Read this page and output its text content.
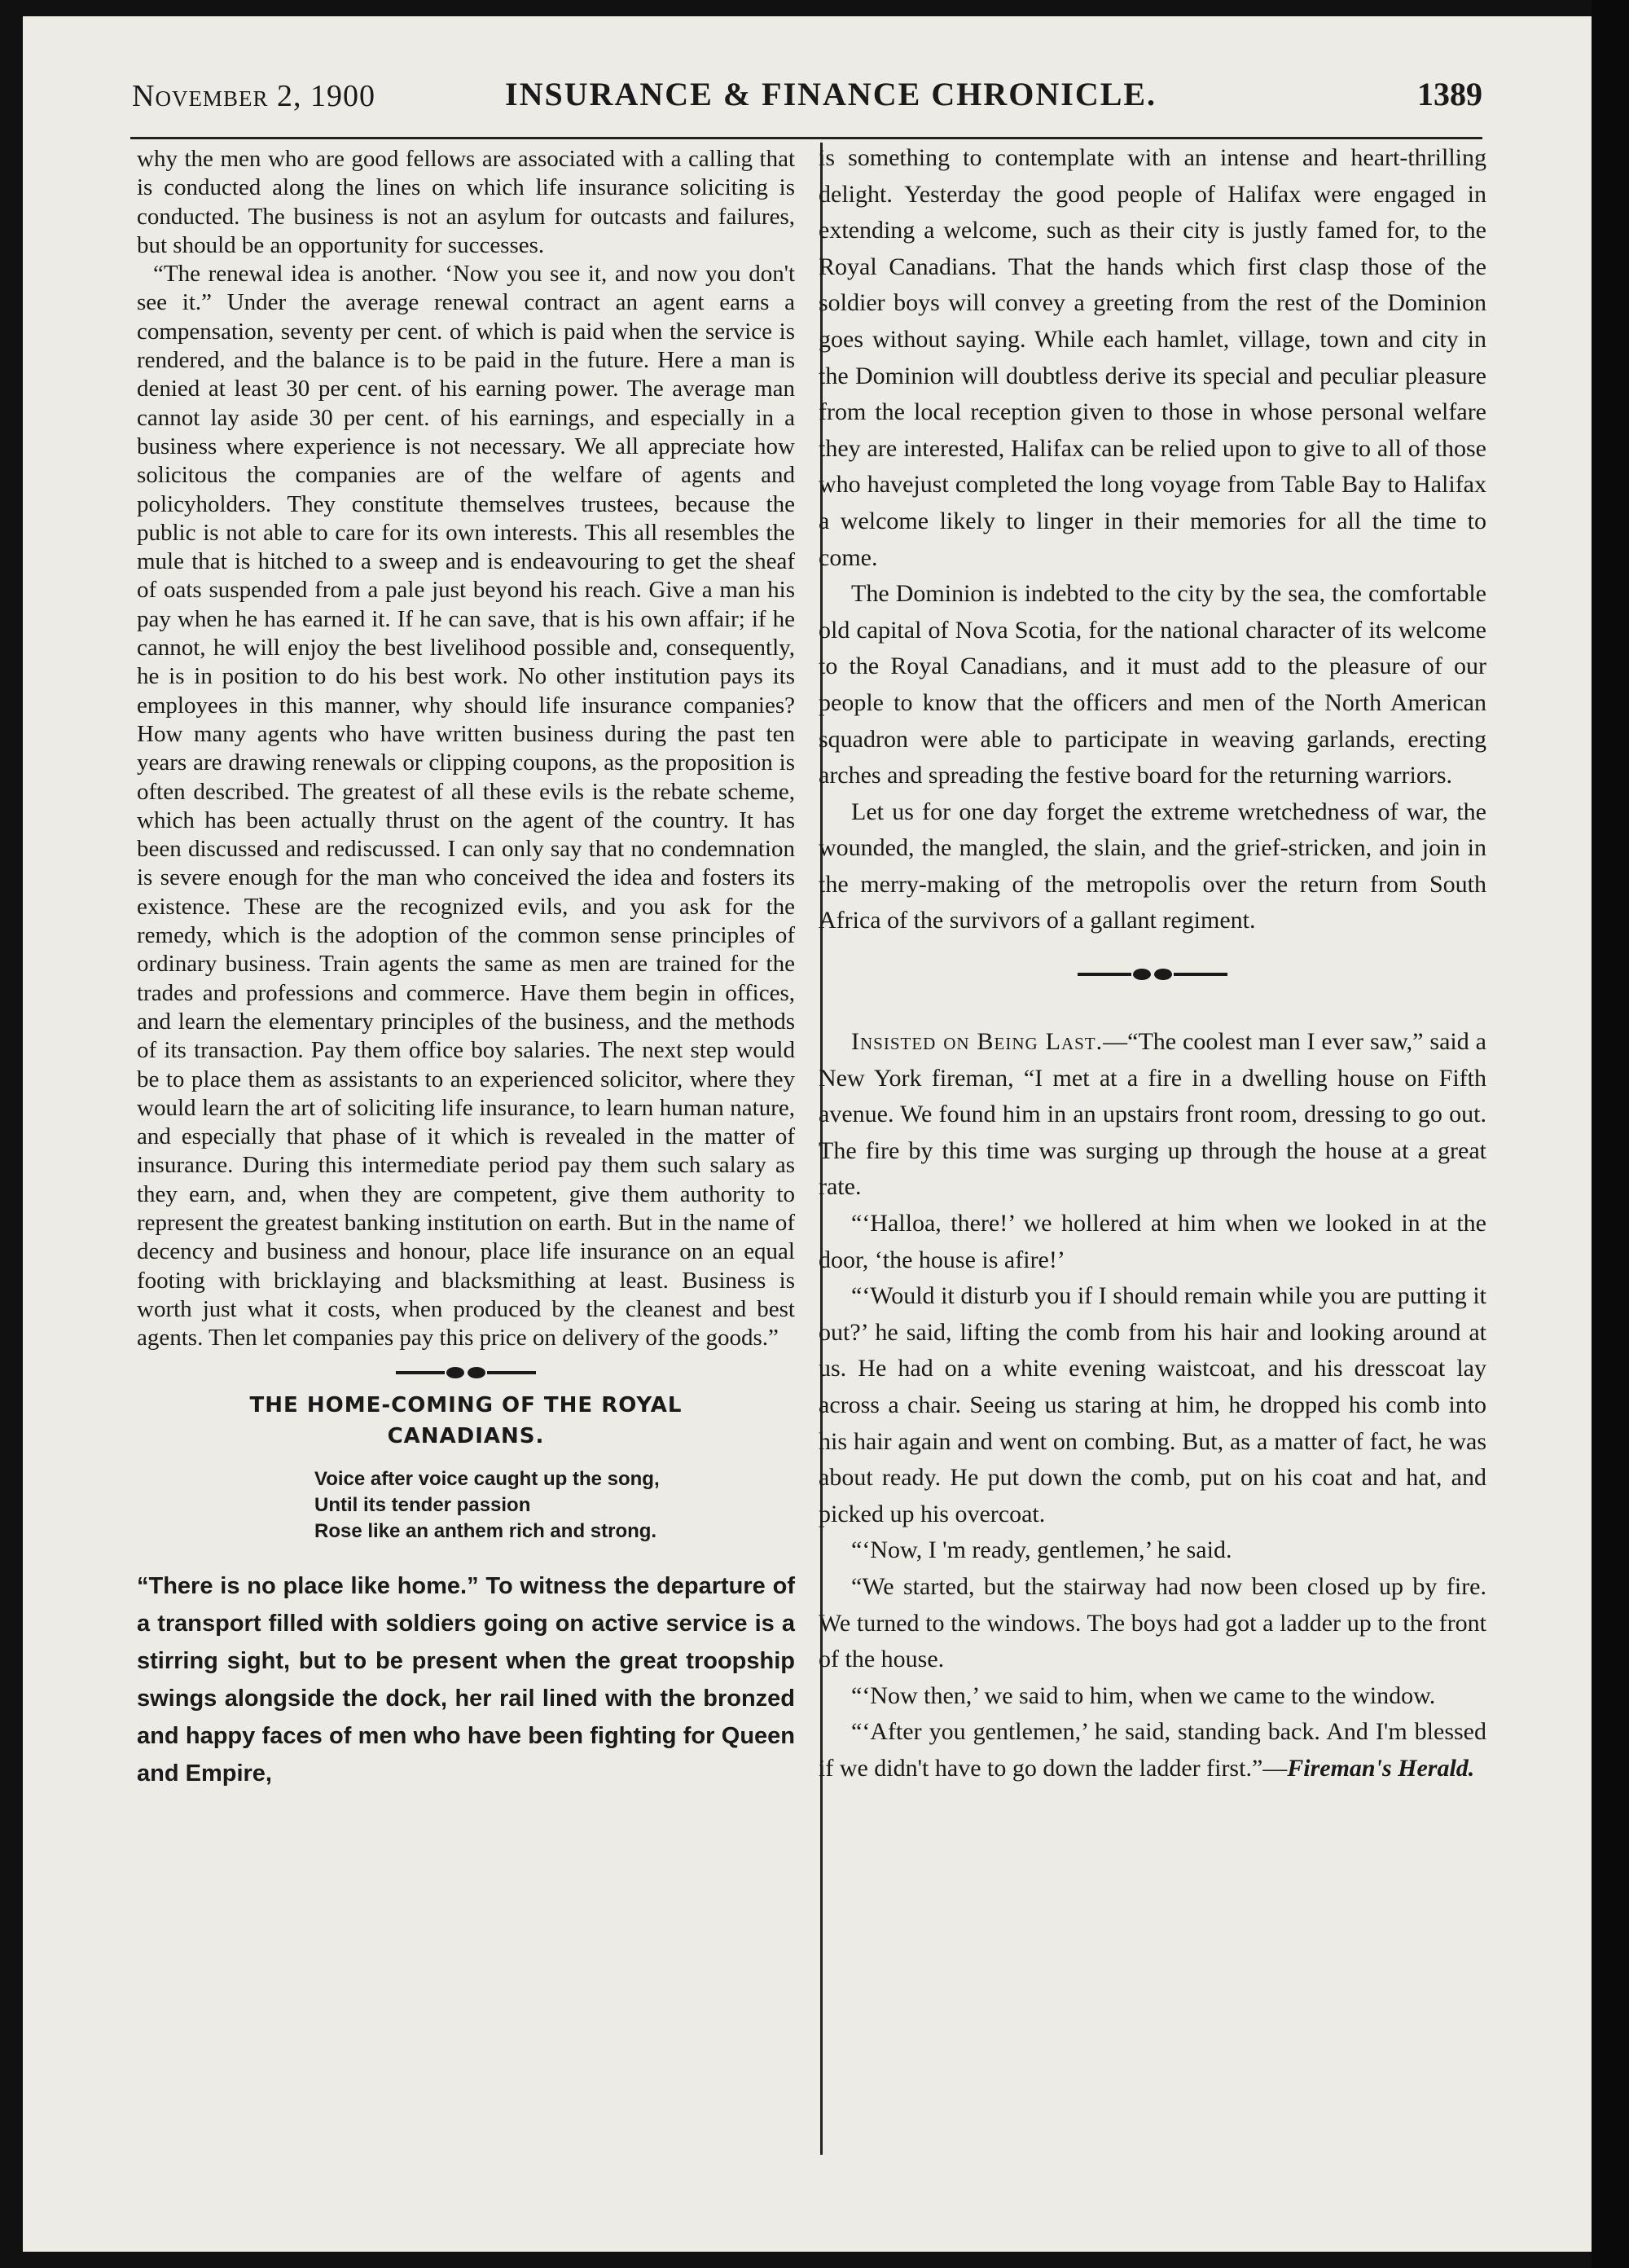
November 2, 1900	INSURANCE & FINANCE CHRONICLE.	1389

why the men who are good fellows are associated with a calling that is conducted along the lines on which life insurance soliciting is conducted. The business is not an asylum for outcasts and failures, but should be an opportunity for successes.

“The renewal idea is another. ‘Now you see it, and now you don't see it.” Under the average renewal contract an agent earns a compensation, seventy per cent. of which is paid when the service is rendered, and the balance is to be paid in the future. Here a man is denied at least 30 per cent. of his earning power. The average man cannot lay aside 30 per cent. of his earnings, and especially in a business where experience is not necessary. We all appreciate how solicitous the companies are of the welfare of agents and policyholders. They constitute themselves trustees, because the public is not able to care for its own interests. This all resembles the mule that is hitched to a sweep and is endeavouring to get the sheaf of oats suspended from a pale just beyond his reach. Give a man his pay when he has earned it. If he can save, that is his own affair; if he cannot, he will enjoy the best livelihood possible and, consequently, he is in position to do his best work. No other institution pays its employees in this manner, why should life insurance companies? How many agents who have written business during the past ten years are drawing renewals or clipping coupons, as the proposition is often described. The greatest of all these evils is the rebate scheme, which has been actually thrust on the agent of the country. It has been discussed and rediscussed. I can only say that no condemnation is severe enough for the man who conceived the idea and fosters its existence. These are the recognized evils, and you ask for the remedy, which is the adoption of the common sense principles of ordinary business. Train agents the same as men are trained for the trades and professions and commerce. Have them begin in offices, and learn the elementary principles of the business, and the methods of its transaction. Pay them office boy salaries. The next step would be to place them as assistants to an experienced solicitor, where they would learn the art of soliciting life insurance, to learn human nature, and especially that phase of it which is revealed in the matter of insurance. During this intermediate period pay them such salary as they earn, and, when they are competent, give them authority to represent the greatest banking institution on earth. But in the name of decency and business and honour, place life insurance on an equal footing with bricklaying and blacksmithing at least. Business is worth just what it costs, when produced by the cleanest and best agents. Then let companies pay this price on delivery of the goods.”

THE HOME-COMING OF THE ROYAL
CANADIANS.
Voice after voice caught up the song,
Until its tender passion
Rose like an anthem rich and strong.

“There is no place like home.” To witness the departure of a transport filled with soldiers going on active service is a stirring sight, but to be present when the great troopship swings alongside the dock, her rail lined with the bronzed and happy faces of men who have been fighting for Queen and Empire,

is something to contemplate with an intense and heart-thrilling delight. Yesterday the good people of Halifax were engaged in extending a welcome, such as their city is justly famed for, to the Royal Canadians. That the hands which first clasp those of the soldier boys will convey a greeting from the rest of the Dominion goes without saying. While each hamlet, village, town and city in the Dominion will doubtless derive its special and peculiar pleasure from the local reception given to those in whose personal welfare they are interested, Halifax can be relied upon to give to all of those who havejust completed the long voyage from Table Bay to Halifax a welcome likely to linger in their memories for all the time to come.

The Dominion is indebted to the city by the sea, the comfortable old capital of Nova Scotia, for the national character of its welcome to the Royal Canadians, and it must add to the pleasure of our people to know that the officers and men of the North American squadron were able to participate in weaving garlands, erecting arches and spreading the festive board for the returning warriors.

Let us for one day forget the extreme wretchedness of war, the wounded, the mangled, the slain, and the grief-stricken, and join in the merry-making of the metropolis over the return from South Africa of the survivors of a gallant regiment.

Insisted on Being Last.—“The coolest man I ever saw,” said a New York fireman, “I met at a fire in a dwelling house on Fifth avenue. We found him in an upstairs front room, dressing to go out. The fire by this time was surging up through the house at a great rate.

“‘Halloa, there!’ we hollered at him when we looked in at the door, ‘the house is afire!’

“‘Would it disturb you if I should remain while you are putting it out?’ he said, lifting the comb from his hair and looking around at us. He had on a white evening waistcoat, and his dresscoat lay across a chair. Seeing us staring at him, he dropped his comb into his hair again and went on combing. But, as a matter of fact, he was about ready. He put down the comb, put on his coat and hat, and picked up his overcoat.

“‘Now, I 'm ready, gentlemen,’ he said.

“We started, but the stairway had now been closed up by fire. We turned to the windows. The boys had got a ladder up to the front of the house.

“‘Now then,’ we said to him, when we came to the window.

“‘After you gentlemen,’ he said, standing back. And I'm blessed if we didn't have to go down the ladder first.”—Fireman's Herald.
